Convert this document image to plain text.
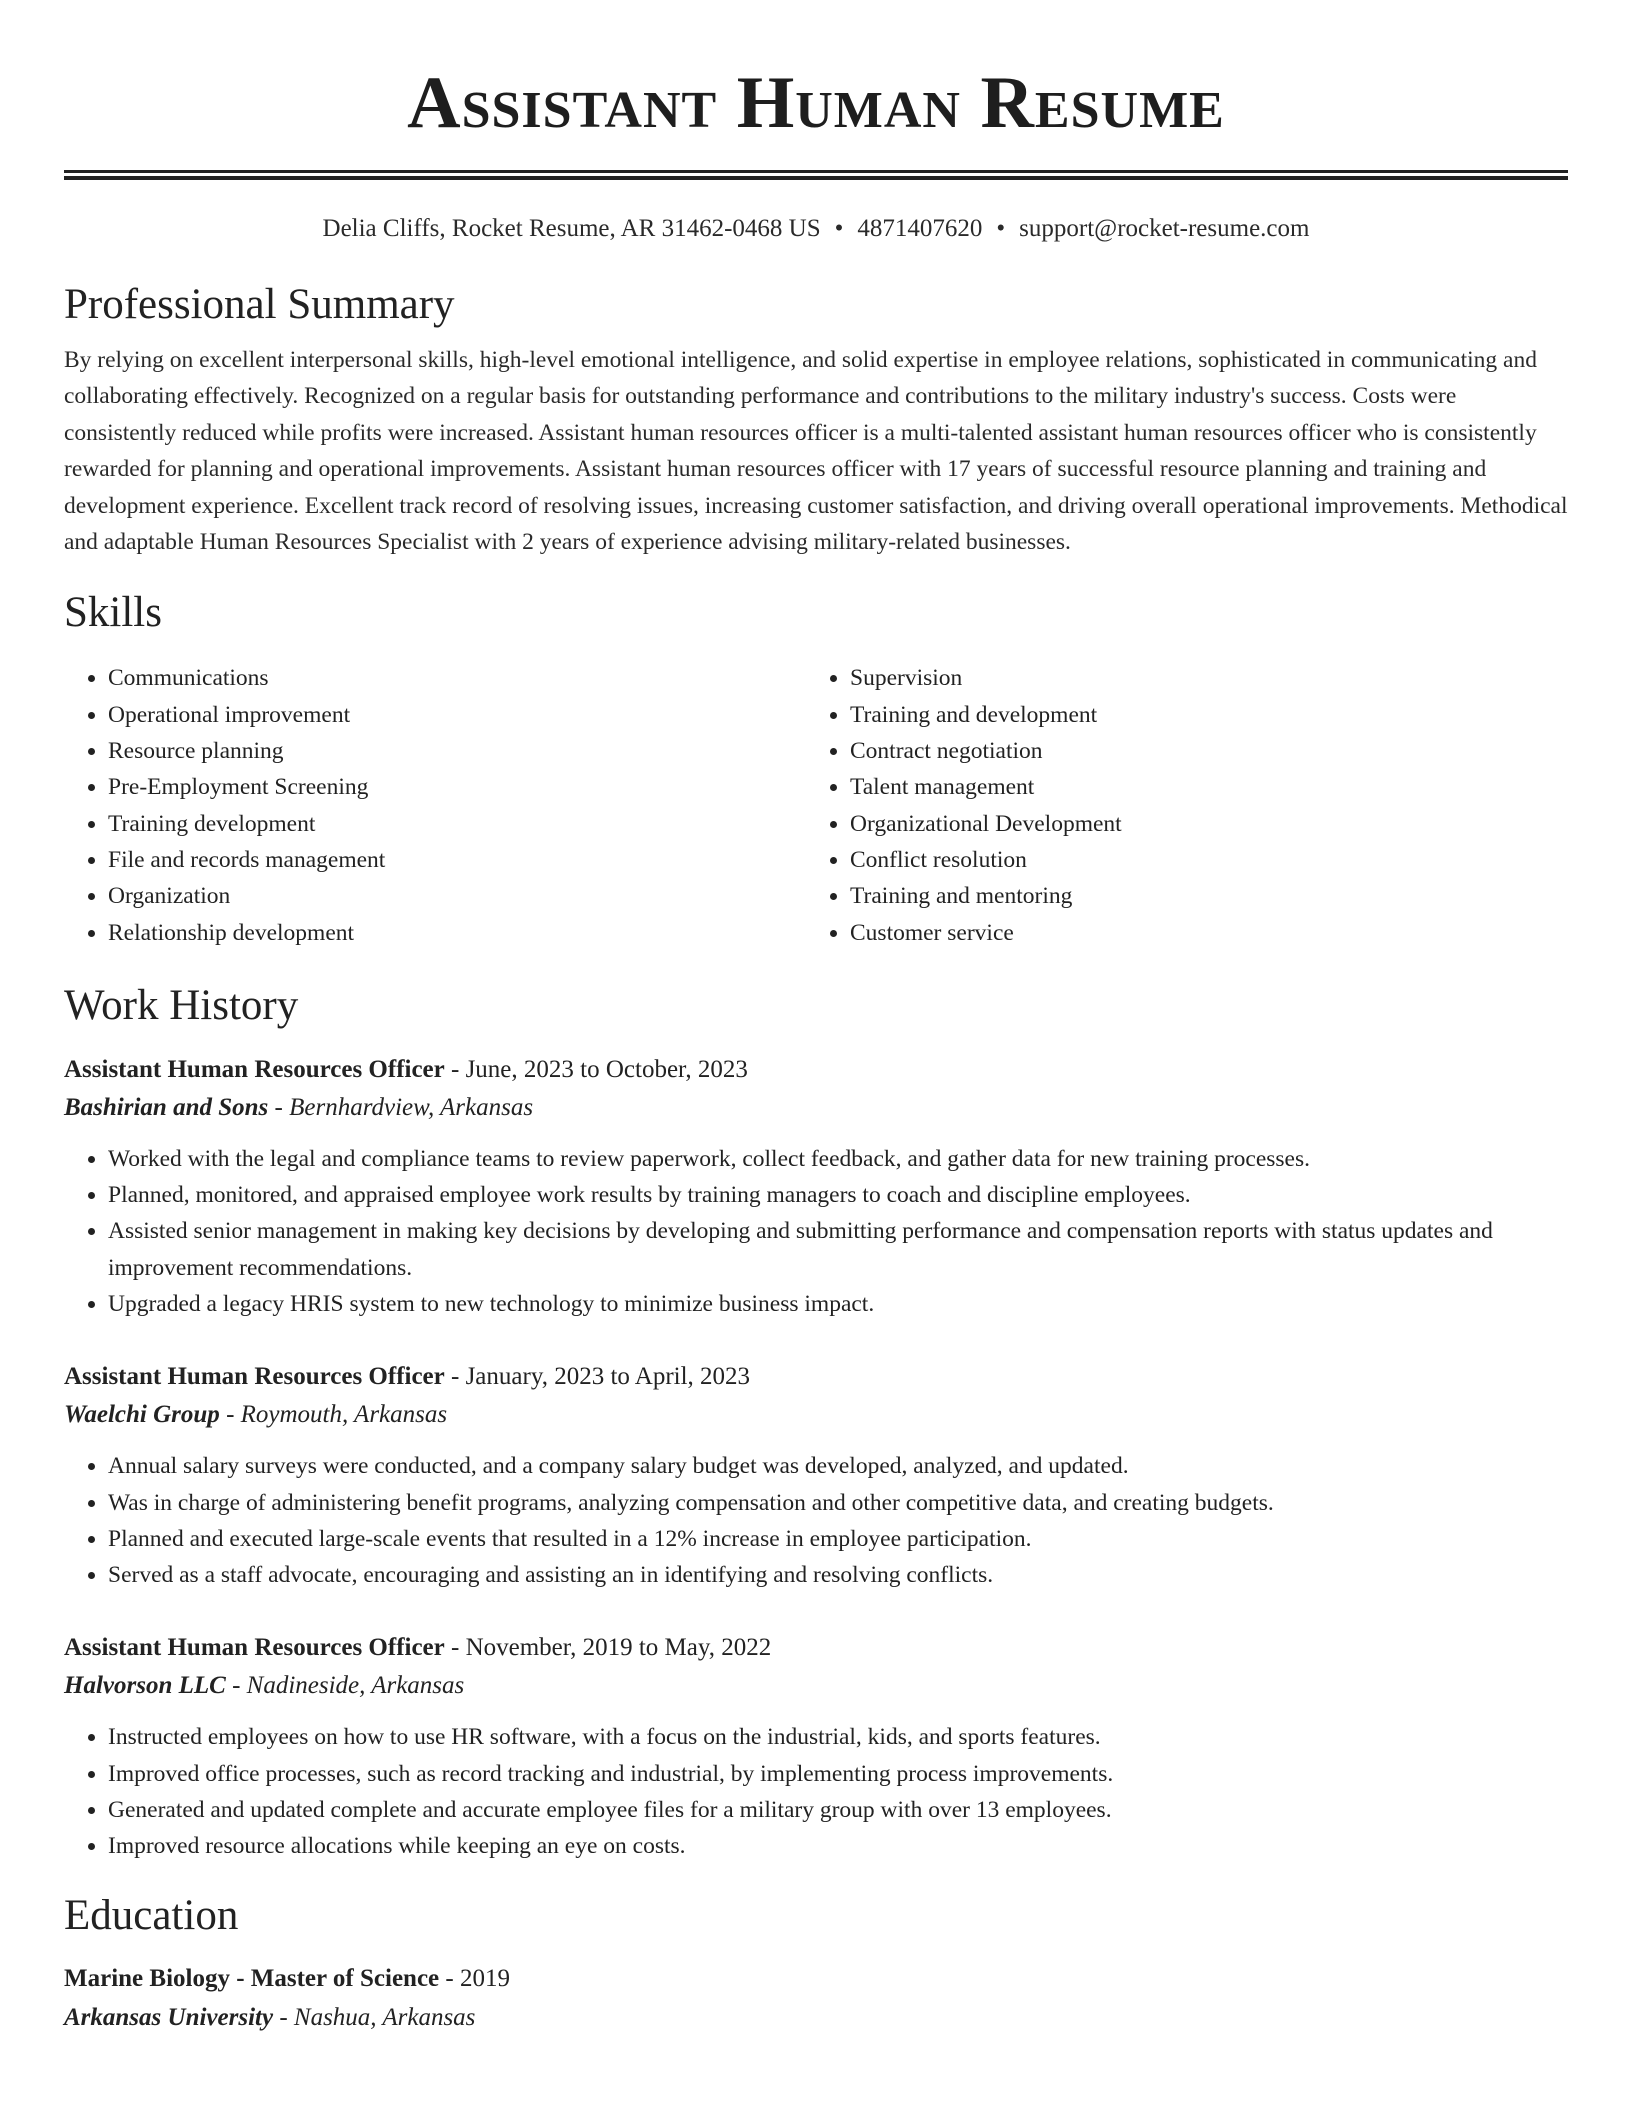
Assistant Human Resume
Delia Cliffs, Rocket Resume, AR 31462-0468 US • 4871407620 • support@rocket-resume.com
Professional Summary

By relying on excellent interpersonal skills, high-level emotional intelligence, and solid expertise in employee relations, sophisticated in communicating and collaborating effectively. Recognized on a regular basis for outstanding performance and contributions to the military industry's success. Costs were consistently reduced while profits were increased. Assistant human resources officer is a multi-talented assistant human resources officer who is consistently rewarded for planning and operational improvements. Assistant human resources officer with 17 years of successful resource planning and training and development experience. Excellent track record of resolving issues, increasing customer satisfaction, and driving overall operational improvements. Methodical and adaptable Human Resources Specialist with 2 years of experience advising military-related businesses.

Skills
• Communications
• Operational improvement
• Resource planning
• Pre-Employment Screening
• Training development
• File and records management
• Organization
• Relationship development
• Supervision
• Training and development
• Contract negotiation
• Talent management
• Organizational Development
• Conflict resolution
• Training and mentoring
• Customer service
Work History
Assistant Human Resources Officer - June, 2023 to October, 2023
Bashirian and Sons - Bernhardview, Arkansas
• Worked with the legal and compliance teams to review paperwork, collect feedback, and gather data for new training processes.
• Planned, monitored, and appraised employee work results by training managers to coach and discipline employees.
• Assisted senior management in making key decisions by developing and submitting performance and compensation reports with status updates and improvement recommendations.
• Upgraded a legacy HRIS system to new technology to minimize business impact.
Assistant Human Resources Officer - January, 2023 to April, 2023
Waelchi Group - Roymouth, Arkansas
• Annual salary surveys were conducted, and a company salary budget was developed, analyzed, and updated.
• Was in charge of administering benefit programs, analyzing compensation and other competitive data, and creating budgets.
• Planned and executed large-scale events that resulted in a 12% increase in employee participation.
• Served as a staff advocate, encouraging and assisting an in identifying and resolving conflicts.
Assistant Human Resources Officer - November, 2019 to May, 2022
Halvorson LLC - Nadineside, Arkansas
• Instructed employees on how to use HR software, with a focus on the industrial, kids, and sports features.
• Improved office processes, such as record tracking and industrial, by implementing process improvements.
• Generated and updated complete and accurate employee files for a military group with over 13 employees.
• Improved resource allocations while keeping an eye on costs.
Education
Marine Biology - Master of Science - 2019
Arkansas University - Nashua, Arkansas
